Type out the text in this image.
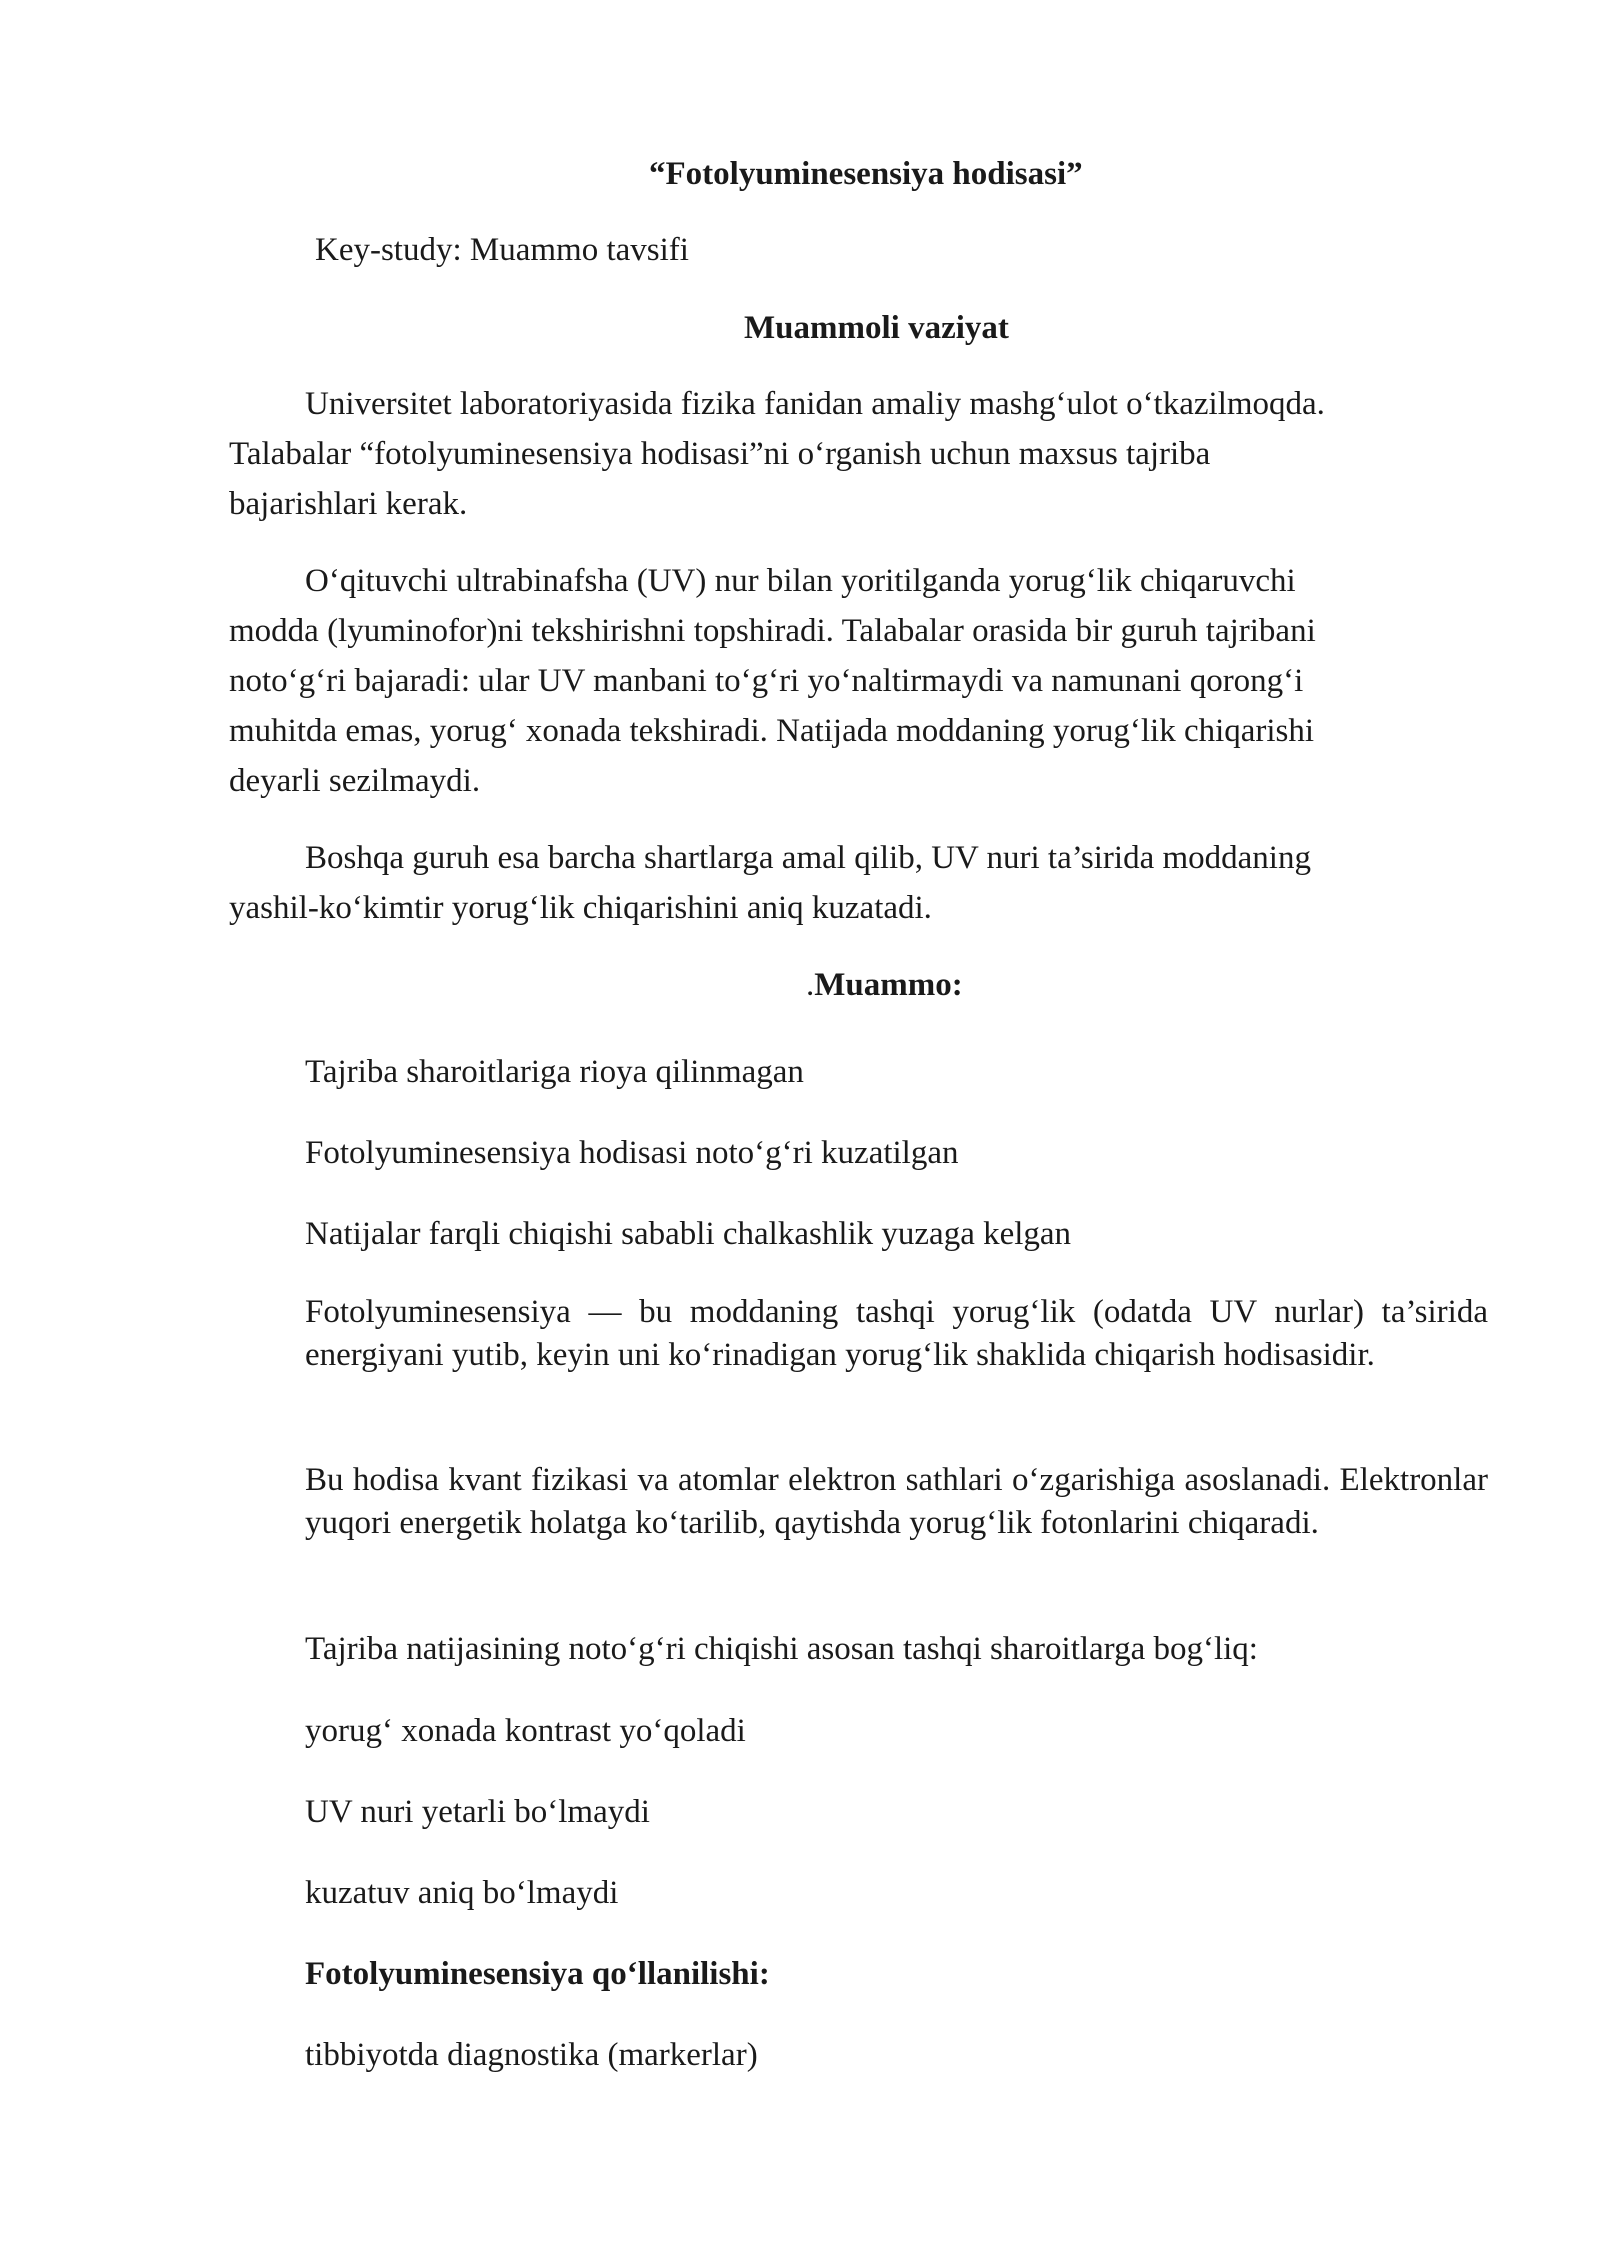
“Fotolyuminesensiya hodisasi”

Key-study: Muammo tavsifi

Muammoli vaziyat

Universitet laboratoriyasida fizika fanidan amaliy mashg‘ulot o‘tkazilmoqda.

Talabalar “fotolyuminesensiya hodisasi”ni o‘rganish uchun maxsus tajriba

bajarishlari kerak.

O‘qituvchi ultrabinafsha (UV) nur bilan yoritilganda yorug‘lik chiqaruvchi

modda (lyuminofor)ni tekshirishni topshiradi. Talabalar orasida bir guruh tajribani

noto‘g‘ri bajaradi: ular UV manbani to‘g‘ri yo‘naltirmaydi va namunani qorong‘i

muhitda emas, yorug‘ xonada tekshiradi. Natijada moddaning yorug‘lik chiqarishi

deyarli sezilmaydi.

Boshqa guruh esa barcha shartlarga amal qilib, UV nuri ta’sirida moddaning

yashil-ko‘kimtir yorug‘lik chiqarishini aniq kuzatadi.

.Muammo:

Tajriba sharoitlariga rioya qilinmagan

Fotolyuminesensiya hodisasi noto‘g‘ri kuzatilgan

Natijalar farqli chiqishi sababli chalkashlik yuzaga kelgan

Fotolyuminesensiya — bu moddaning tashqi yorug‘lik (odatda UV nurlar) ta’sirida energiyani yutib, keyin uni ko‘rinadigan yorug‘lik shaklida chiqarish hodisasidir.

Bu hodisa kvant fizikasi va atomlar elektron sathlari o‘zgarishiga asoslanadi. Elektronlar yuqori energetik holatga ko‘tarilib, qaytishda yorug‘lik fotonlarini chiqaradi.

Tajriba natijasining noto‘g‘ri chiqishi asosan tashqi sharoitlarga bog‘liq:

yorug‘ xonada kontrast yo‘qoladi

UV nuri yetarli bo‘lmaydi

kuzatuv aniq bo‘lmaydi

Fotolyuminesensiya qo‘llanilishi:

tibbiyotda diagnostika (markerlar)
